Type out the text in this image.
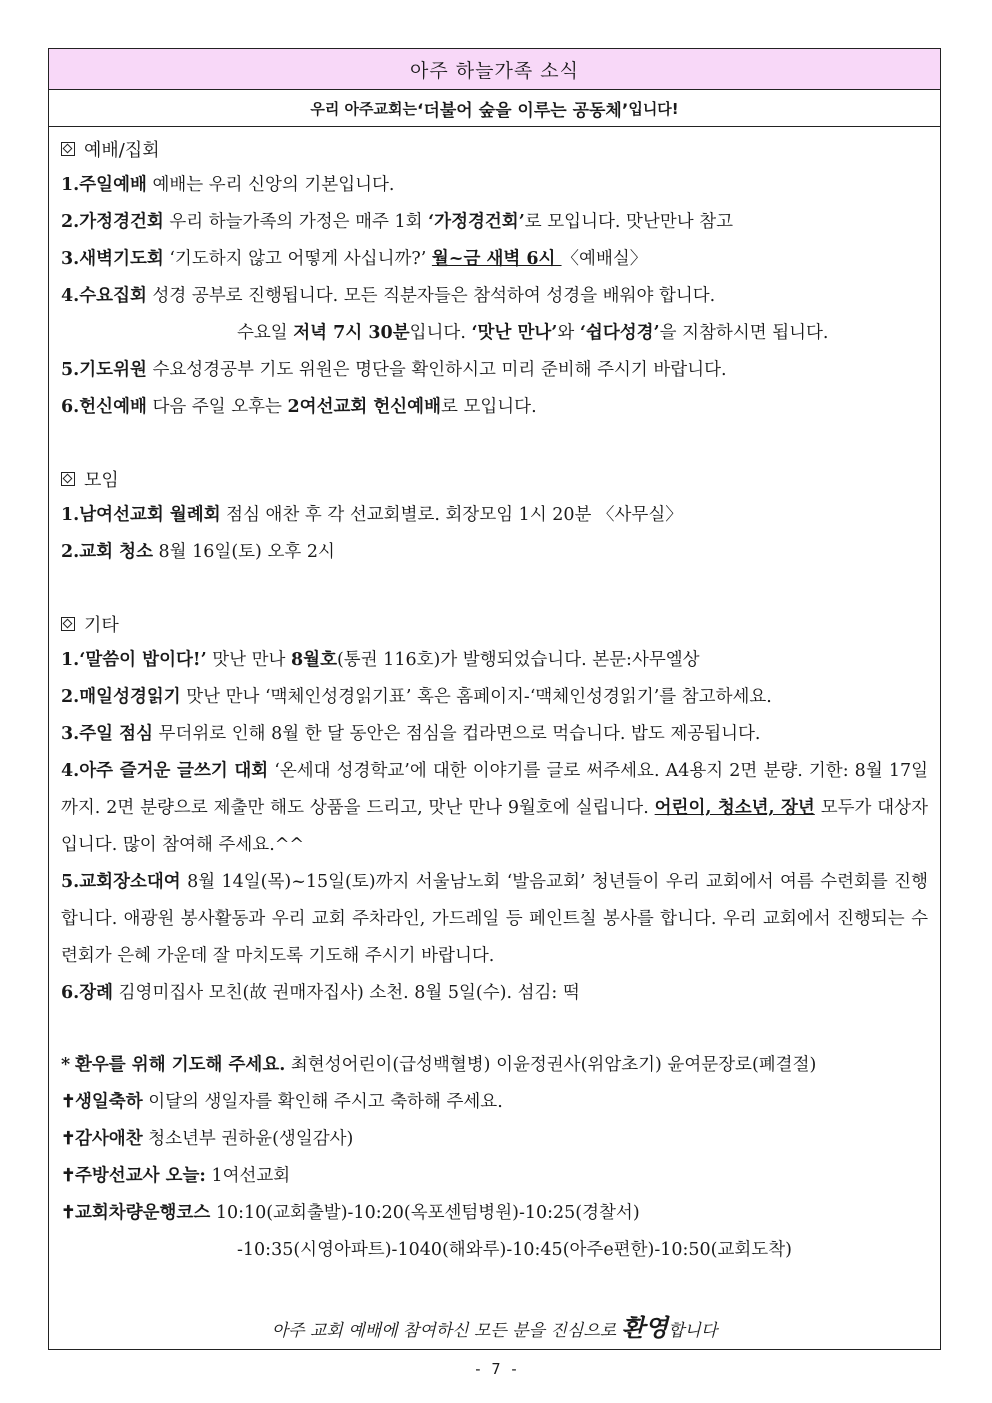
아주 하늘가족 소식
우리 아주교회는 ‘더불어 숲을 이루는 공동체’ 입니다!
예배/집회
1.주일예배 예배는 우리 신앙의 기본입니다.
2.가정경건회 우리 하늘가족의 가정은 매주 1회 ‘가정경건회’로 모입니다. 맛난만나 참고
3.새벽기도회 ‘기도하지 않고 어떻게 사십니까?’ 월~금 새벽 6시 〈예배실〉
4.수요집회 성경 공부로 진행됩니다. 모든 직분자들은 참석하여 성경을 배워야 합니다.
수요일 저녁 7시 30분입니다. ‘맛난 만나’와 ‘쉽다성경’을 지참하시면 됩니다.
5.기도위원 수요성경공부 기도 위원은 명단을 확인하시고 미리 준비해 주시기 바랍니다.
6.헌신예배 다음 주일 오후는 2여선교회 헌신예배로 모입니다.
모임
1.남여선교회 월례회 점심 애찬 후 각 선교회별로. 회장모임 1시 20분 〈사무실〉
2.교회 청소 8월 16일(토) 오후 2시
기타
1.‘말씀이 밥이다!’ 맛난 만나 8월호(통권 116호)가 발행되었습니다. 본문:사무엘상
2.매일성경읽기 맛난 만나 ‘맥체인성경읽기표’ 혹은 홈페이지-‘맥체인성경읽기’를 참고하세요.
3.주일 점심 무더위로 인해 8월 한 달 동안은 점심을 컵라면으로 먹습니다. 밥도 제공됩니다.
4.아주 즐거운 글쓰기 대회 ‘온세대 성경학교’에 대한 이야기를 글로 써주세요. A4용지 2면 분량. 기한: 8월 17일까지. 2면 분량으로 제출만 해도 상품을 드리고, 맛난 만나 9월호에 실립니다. 어린이, 청소년, 장년 모두가 대상자입니다. 많이 참여해 주세요.^^
5.교회장소대여 8월 14일(목)~15일(토)까지 서울남노회 ‘발음교회’ 청년들이 우리 교회에서 여름 수련회를 진행합니다. 애광원 봉사활동과 우리 교회 주차라인, 가드레일 등 페인트칠 봉사를 합니다. 우리 교회에서 진행되는 수련회가 은혜 가운데 잘 마치도록 기도해 주시기 바랍니다.
6.장례 김영미집사 모친(故 권매자집사) 소천. 8월 5일(수). 섬김: 떡
* 환우를 위해 기도해 주세요. 최현성어린이(급성백혈병) 이윤정권사(위암초기) 윤여문장로(폐결절)
✝생일축하 이달의 생일자를 확인해 주시고 축하해 주세요.
✝감사애찬 청소년부 권하윤(생일감사)
✝주방선교사 오늘: 1여선교회
✝교회차량운행코스 10:10(교회출발)-10:20(옥포센텀병원)-10:25(경찰서)
-10:35(시영아파트)-1040(해와루)-10:45(아주e편한)-10:50(교회도착)
아주 교회 예배에 참여하신 모든 분을 진심으로 환영합니다
- 7 -
